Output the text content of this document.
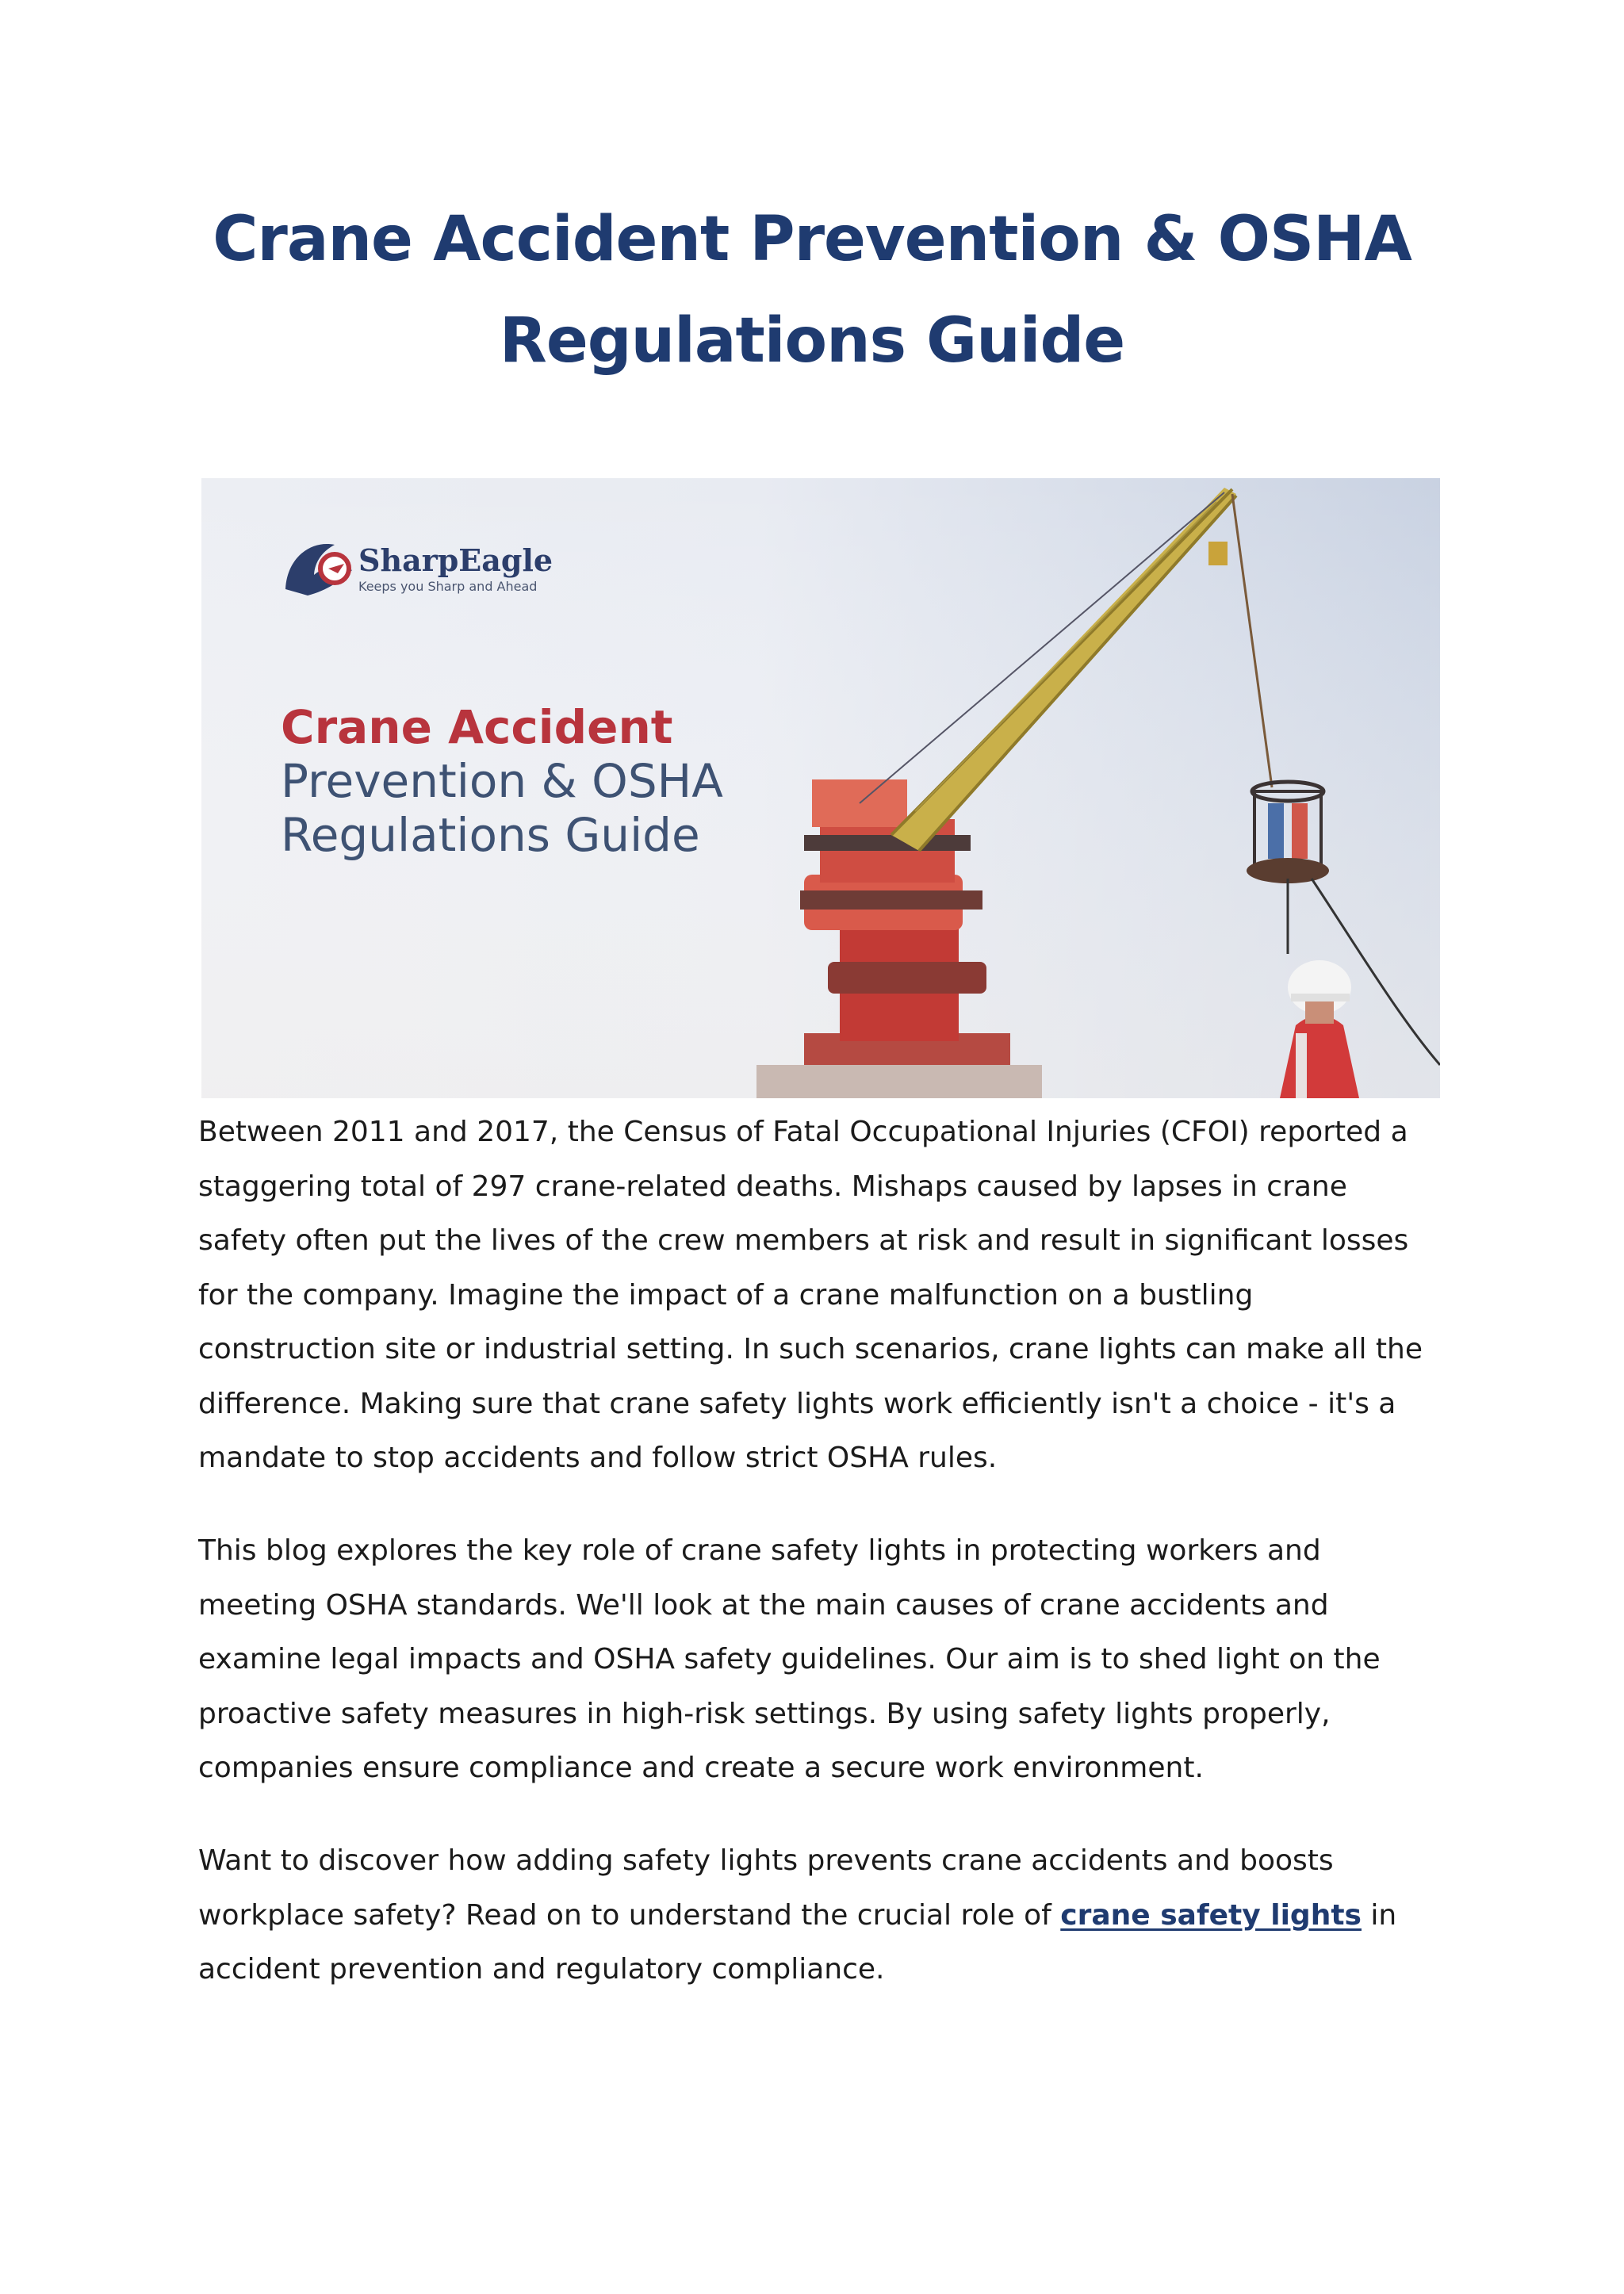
Crane Accident Prevention & OSHA
Regulations Guide
SharpEagle
Keeps you Sharp and Ahead
Crane Accident
Prevention & OSHA
Regulations Guide

Between 2011 and 2017, the Census of Fatal Occupational Injuries (CFOI) reported a staggering total of 297 crane-related deaths. Mishaps caused by lapses in crane safety often put the lives of the crew members at risk and result in significant losses for the company. Imagine the impact of a crane malfunction on a bustling construction site or industrial setting. In such scenarios, crane lights can make all the difference. Making sure that crane safety lights work efficiently isn't a choice - it's a mandate to stop accidents and follow strict OSHA rules.

This blog explores the key role of crane safety lights in protecting workers and meeting OSHA standards. We'll look at the main causes of crane accidents and examine legal impacts and OSHA safety guidelines. Our aim is to shed light on the proactive safety measures in high-risk settings. By using safety lights properly, companies ensure compliance and create a secure work environment.

Want to discover how adding safety lights prevents crane accidents and boosts workplace safety? Read on to understand the crucial role of crane safety lights in accident prevention and regulatory compliance.
